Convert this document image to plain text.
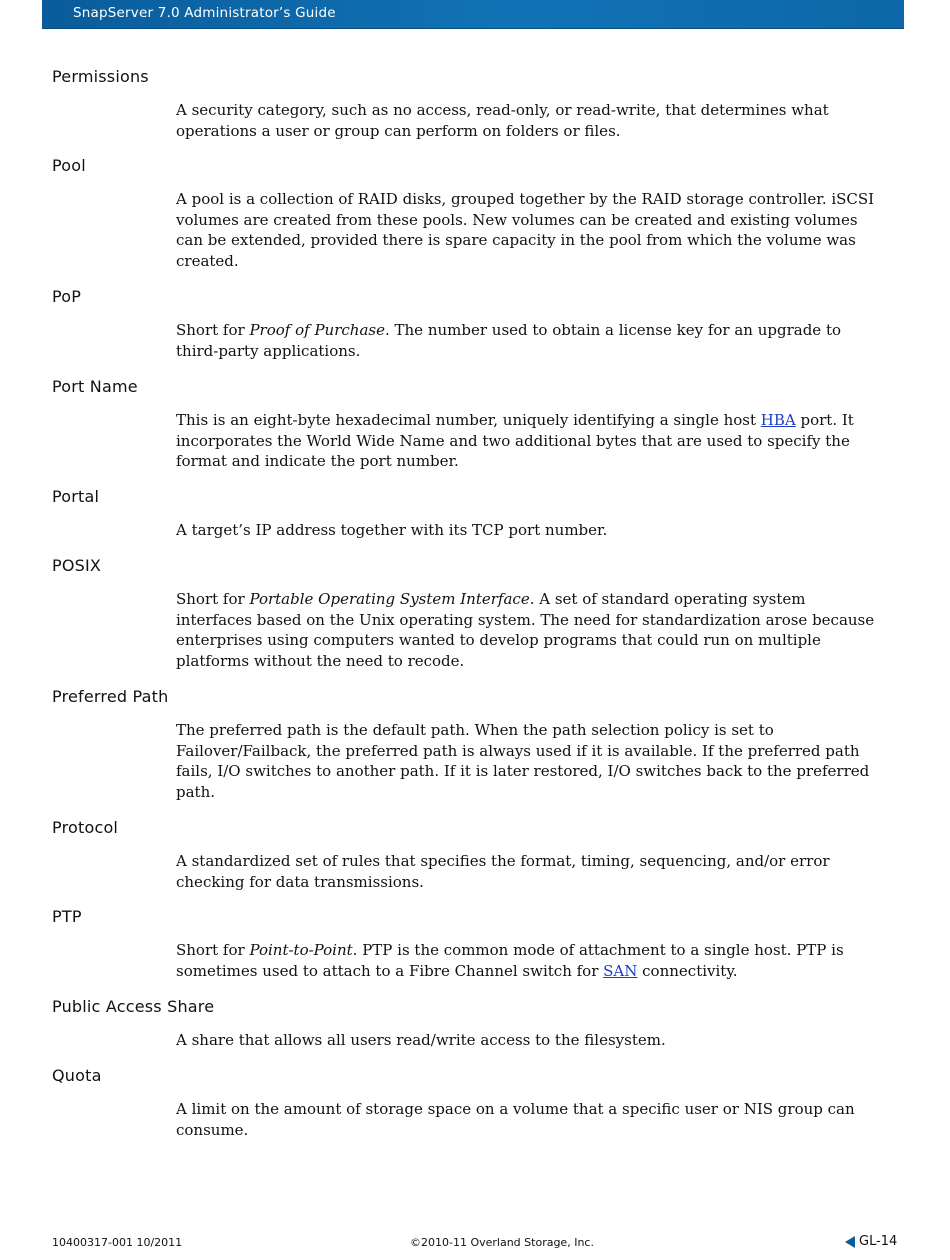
SnapServer 7.0 Administrator’s Guide
Permissions
A security category, such as no access, read-only, or read-write, that determines what
operations a user or group can perform on folders or files.
Pool
A pool is a collection of RAID disks, grouped together by the RAID storage controller. iSCSI
volumes are created from these pools. New volumes can be created and existing volumes
can be extended, provided there is spare capacity in the pool from which the volume was
created.
PoP
Short for Proof of Purchase. The number used to obtain a license key for an upgrade to
third-party applications.
Port Name
This is an eight-byte hexadecimal number, uniquely identifying a single host HBA port. It
incorporates the World Wide Name and two additional bytes that are used to specify the
format and indicate the port number.
Portal
A target’s IP address together with its TCP port number.
POSIX
Short for Portable Operating System Interface. A set of standard operating system
interfaces based on the Unix operating system. The need for standardization arose because
enterprises using computers wanted to develop programs that could run on multiple
platforms without the need to recode.
Preferred Path
The preferred path is the default path. When the path selection policy is set to
Failover/Failback, the preferred path is always used if it is available. If the preferred path
fails, I/O switches to another path. If it is later restored, I/O switches back to the preferred
path.
Protocol
A standardized set of rules that specifies the format, timing, sequencing, and/or error
checking for data transmissions.
PTP
Short for Point-to-Point. PTP is the common mode of attachment to a single host. PTP is
sometimes used to attach to a Fibre Channel switch for SAN connectivity.
Public Access Share
A share that allows all users read/write access to the filesystem.
Quota
A limit on the amount of storage space on a volume that a specific user or NIS group can
consume.
10400317-001 10/2011	©2010-11 Overland Storage, Inc.	GL-14
